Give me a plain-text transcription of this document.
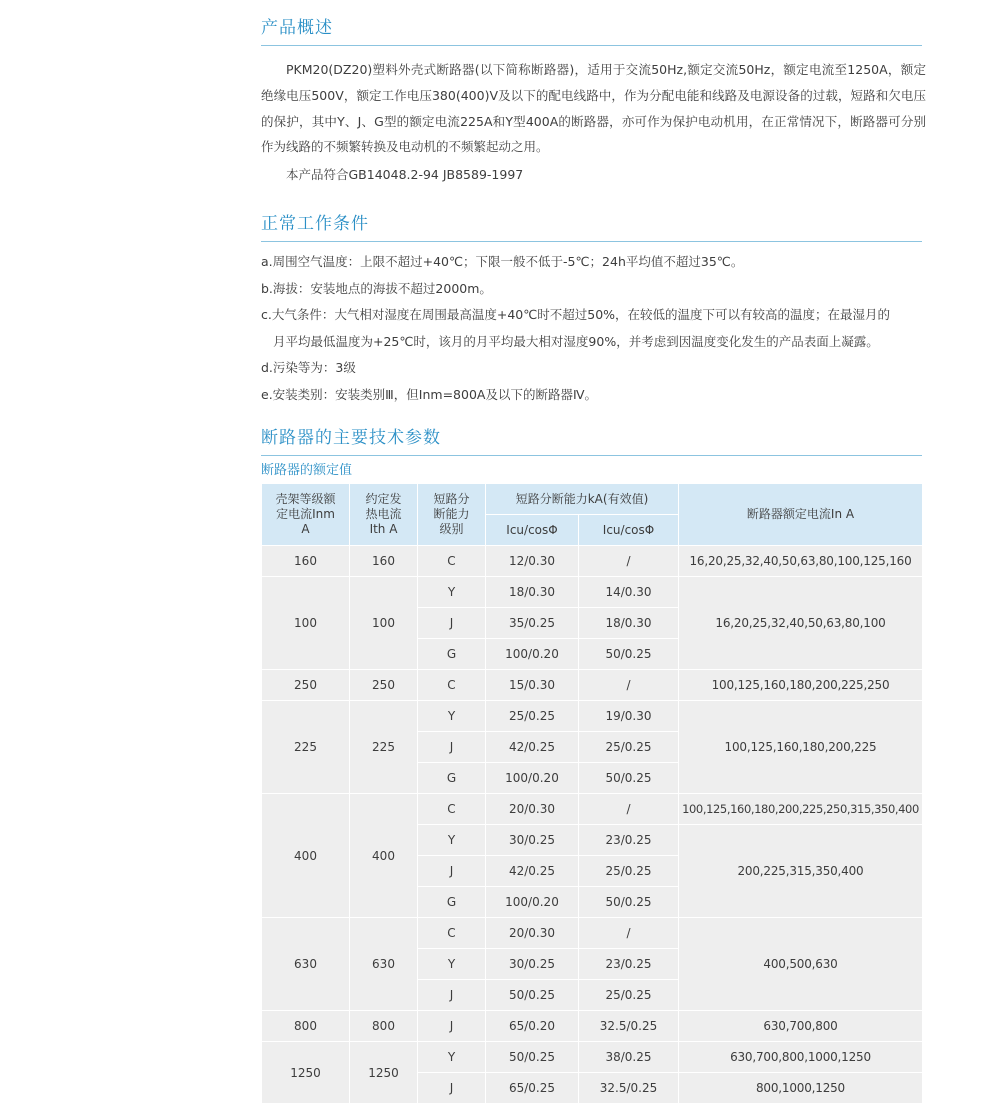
产品概述
PKM20(DZ20)塑料外壳式断路器(以下简称断路器)，适用于交流50Hz,额定交流50Hz，额定电流至1250A，额定绝缘电压500V，额定工作电压380(400)V及以下的配电线路中，作为分配电能和线路及电源设备的过载，短路和欠电压的保护，其中Y、J、G型的额定电流225A和Y型400A的断路器，亦可作为保护电动机用，在正常情况下，断路器可分别作为线路的不频繁转换及电动机的不频繁起动之用。
本产品符合GB14048.2-94 JB8589-1997
正常工作条件
a.周围空气温度：上限不超过+40℃；下限一般不低于-5℃；24h平均值不超过35℃。
b.海拔：安装地点的海拔不超过2000m。
c.大气条件：大气相对湿度在周围最高温度+40℃时不超过50%，在较低的温度下可以有较高的温度；在最湿月的
月平均最低温度为+25℃时，该月的月平均最大相对湿度90%，并考虑到因温度变化发生的产品表面上凝露。
d.污染等为：3级
e.安装类别：安装类别Ⅲ，但Inm=800A及以下的断路器Ⅳ。
断路器的主要技术参数
断路器的额定值
壳架等级额定电流Inm A	约定发热电流Ith A	短路分断能力级别	短路分断能力kA(有效值)		断路器额定电流In A
			Icu/cosΦ	Icu/cosΦ	
160	160	C	12/0.30	/	16,20,25,32,40,50,63,80,100,125,160
100	100	Y	18/0.30	14/0.30	16,20,25,32,40,50,63,80,100
		J	35/0.25	18/0.30	
		G	100/0.20	50/0.25	
250	250	C	15/0.30	/	100,125,160,180,200,225,250
225	225	Y	25/0.25	19/0.30	100,125,160,180,200,225
		J	42/0.25	25/0.25	
		G	100/0.20	50/0.25	
400	400	C	20/0.30	/	100,125,160,180,200,225,250,315,350,400
		Y	30/0.25	23/0.25	200,225,315,350,400
		J	42/0.25	25/0.25	
		G	100/0.20	50/0.25	
630	630	C	20/0.30	/	400,500,630
		Y	30/0.25	23/0.25	
		J	50/0.25	25/0.25	
800	800	J	65/0.20	32.5/0.25	630,700,800
1250	1250	Y	50/0.25	38/0.25	630,700,800,1000,1250
		J	65/0.25	32.5/0.25	800,1000,1250
